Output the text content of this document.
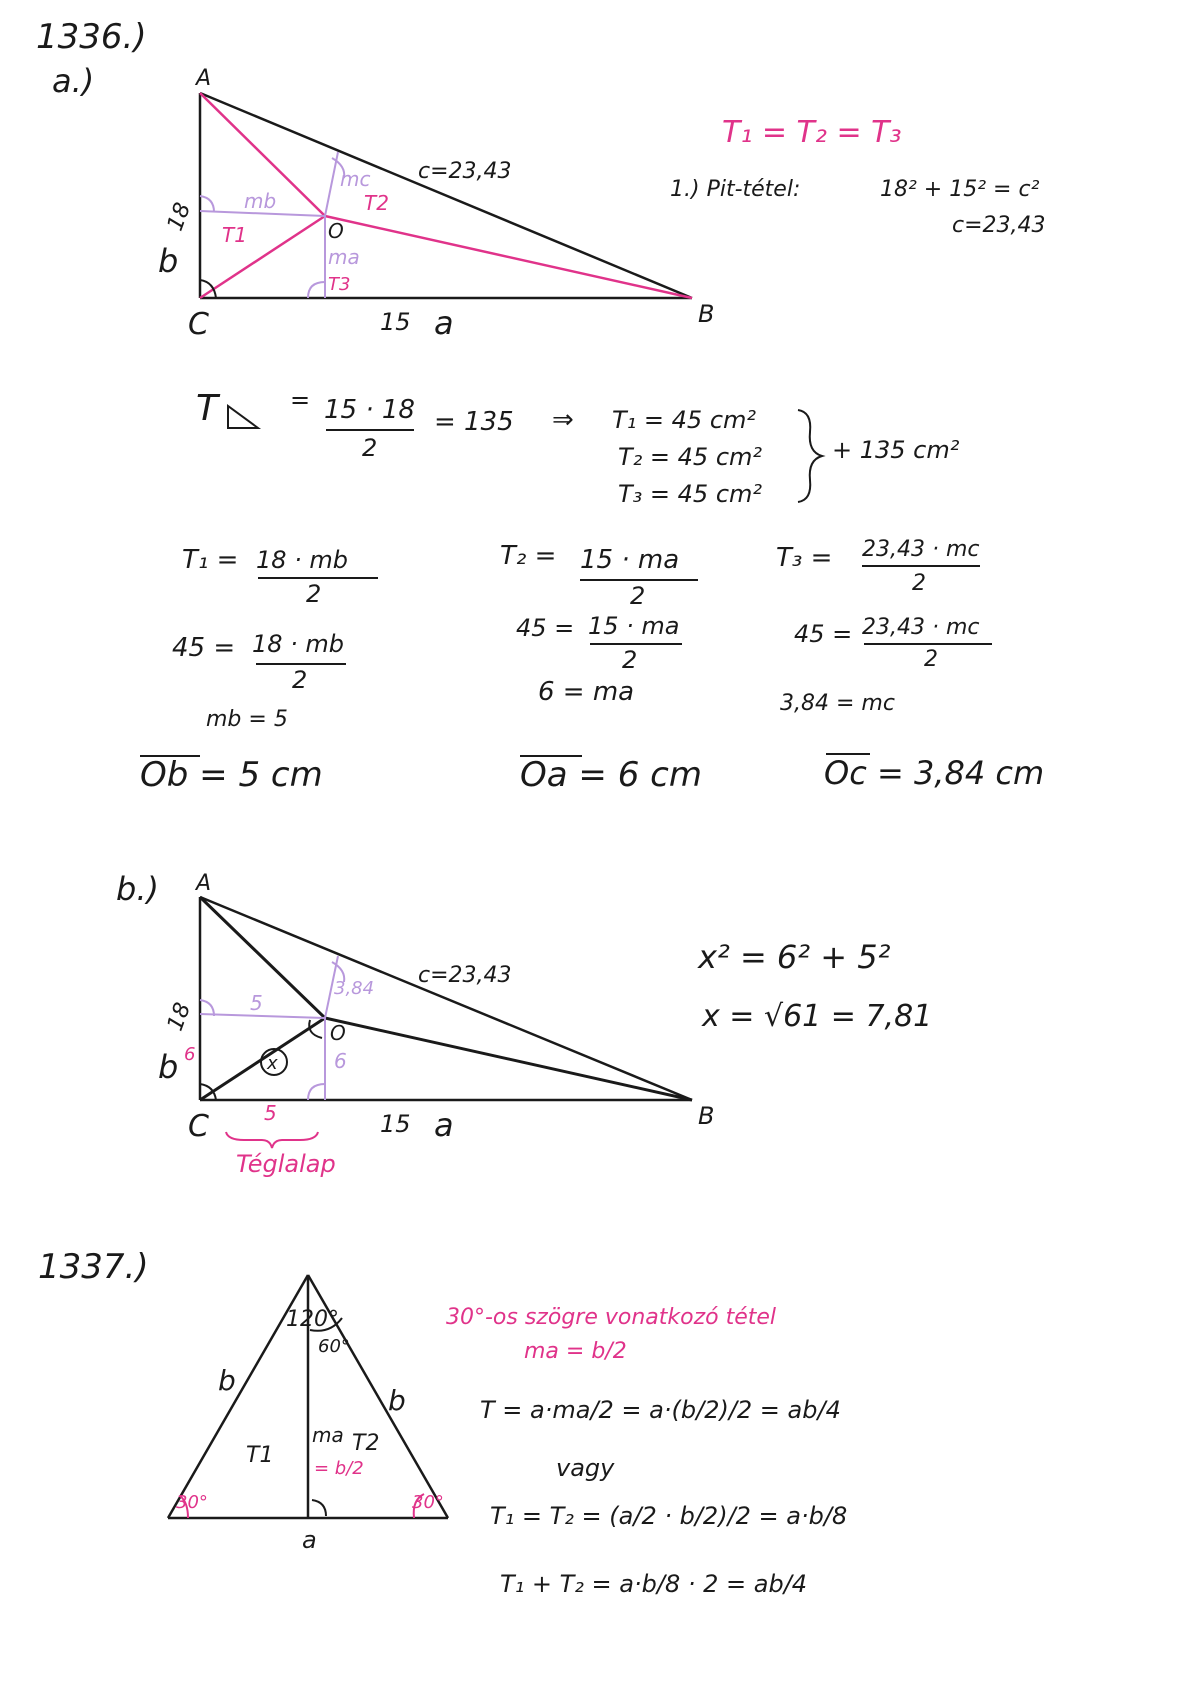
1336.)
a.)	A
B
C
O
c=23,43
18
b
15 a
mb
ma
mc
T1
T2
T3
T₁ = T₂ = T₃
1.) Pit-tétel:	18² + 15² = c²
c=23,43
T	= 15 · 18
2
= 135 ⇒ T₁ = 45 cm²
T₂ = 45 cm²
T₃ = 45 cm²
+ 135 cm²
T₁ = 18 · mb
2
45 = 18 · mb
2
mb = 5
Ob = 5 cm
T₂ = 15 · ma
2
45 = 15 · ma
2
6 = ma
Oa = 6 cm
T₃ = 23,43 · mc
2
45 = 23,43 · mc
2
3,84 = mc
Oc = 3,84 cm
b.)
x
A
B
C
O
c=23,43
18
b 6
15 a
5
6
3,84
5
Téglalap
x² = 6² + 5²
x = √61 = 7,81
1337.)
120°
60°
b
b
a
ma
= b/2
T1	T2
30°	30°
30°-os szögre vonatkozó tétel
ma = b/2
T = a·ma/2 = a·(b/2)/2 = ab/4
vagy
T₁ = T₂ = (a/2 · b/2)/2 = a·b/8
T₁ + T₂ = a·b/8 · 2 = ab/4
